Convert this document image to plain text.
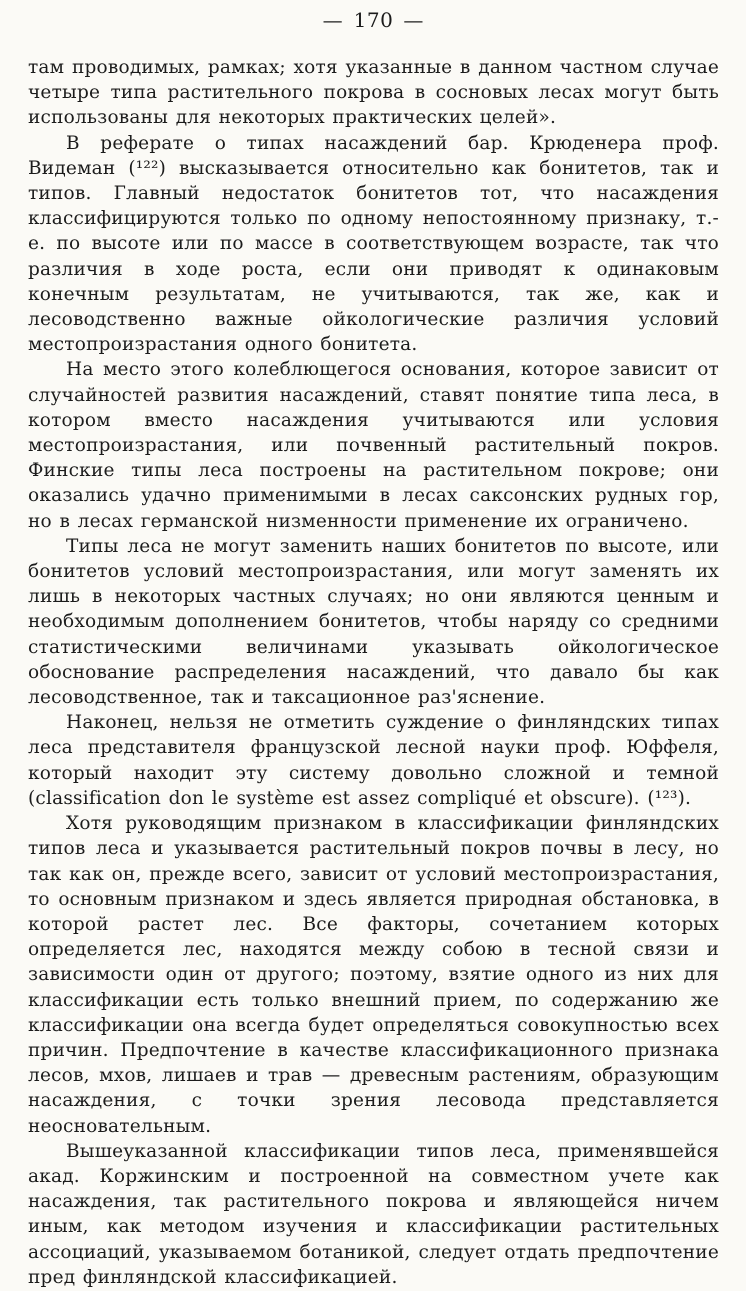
— 170 —

там проводимых, рамках; хотя указанные в данном частном случае четыре типа растительного покрова в сосновых лесах могут быть использованы для некоторых практических целей».

В реферате о типах насаждений бар. Крюденера проф. Видеман (¹²²) высказывается относительно как бонитетов, так и типов. Главный недостаток бонитетов тот, что насаждения классифицируются только по одному непостоянному признаку, т.-е. по высоте или по массе в соответствующем возрасте, так что различия в ходе роста, если они приводят к одинаковым конечным результатам, не учитываются, так же, как и лесоводственно важные ойкологические различия условий местопроизрастания одного бонитета.

На место этого колеблющегося основания, которое зависит от случайностей развития насаждений, ставят понятие типа леса, в котором вместо насаждения учитываются или условия местопроизрастания, или почвенный растительный покров. Финские типы леса построены на растительном покрове; они оказались удачно применимыми в лесах саксонских рудных гор, но в лесах германской низменности применение их ограничено.

Типы леса не могут заменить наших бонитетов по высоте, или бонитетов условий местопроизрастания, или могут заменять их лишь в некоторых частных случаях; но они являются ценным и необходимым дополнением бонитетов, чтобы наряду со средними статистическими величинами указывать ойкологическое обоснование распределения насаждений, что давало бы как лесоводственное, так и таксационное раз'яснение.

Наконец, нельзя не отметить суждение о финляндских типах леса представителя французской лесной науки проф. Юффеля, который находит эту систему довольно сложной и темной (classification don le système est assez compliqué et obscure). (¹²³).

Хотя руководящим признаком в классификации финляндских типов леса и указывается растительный покров почвы в лесу, но так как он, прежде всего, зависит от условий местопроизрастания, то основным признаком и здесь является природная обстановка, в которой растет лес. Все факторы, сочетанием которых определяется лес, находятся между собою в тесной связи и зависимости один от другого; поэтому, взятие одного из них для классификации есть только внешний прием, по содержанию же классификации она всегда будет определяться совокупностью всех причин. Предпочтение в качестве классификационного признака лесов, мхов, лишаев и трав — древесным растениям, образующим насаждения, с точки зрения лесовода представляется неосновательным.

Вышеуказанной классификации типов леса, применявшейся акад. Коржинским и построенной на совместном учете как насаждения, так растительного покрова и являющейся ничем иным, как методом изучения и классификации растительных ассоциаций, указываемом ботаникой, следует отдать предпочтение пред финляндской классификацией.
